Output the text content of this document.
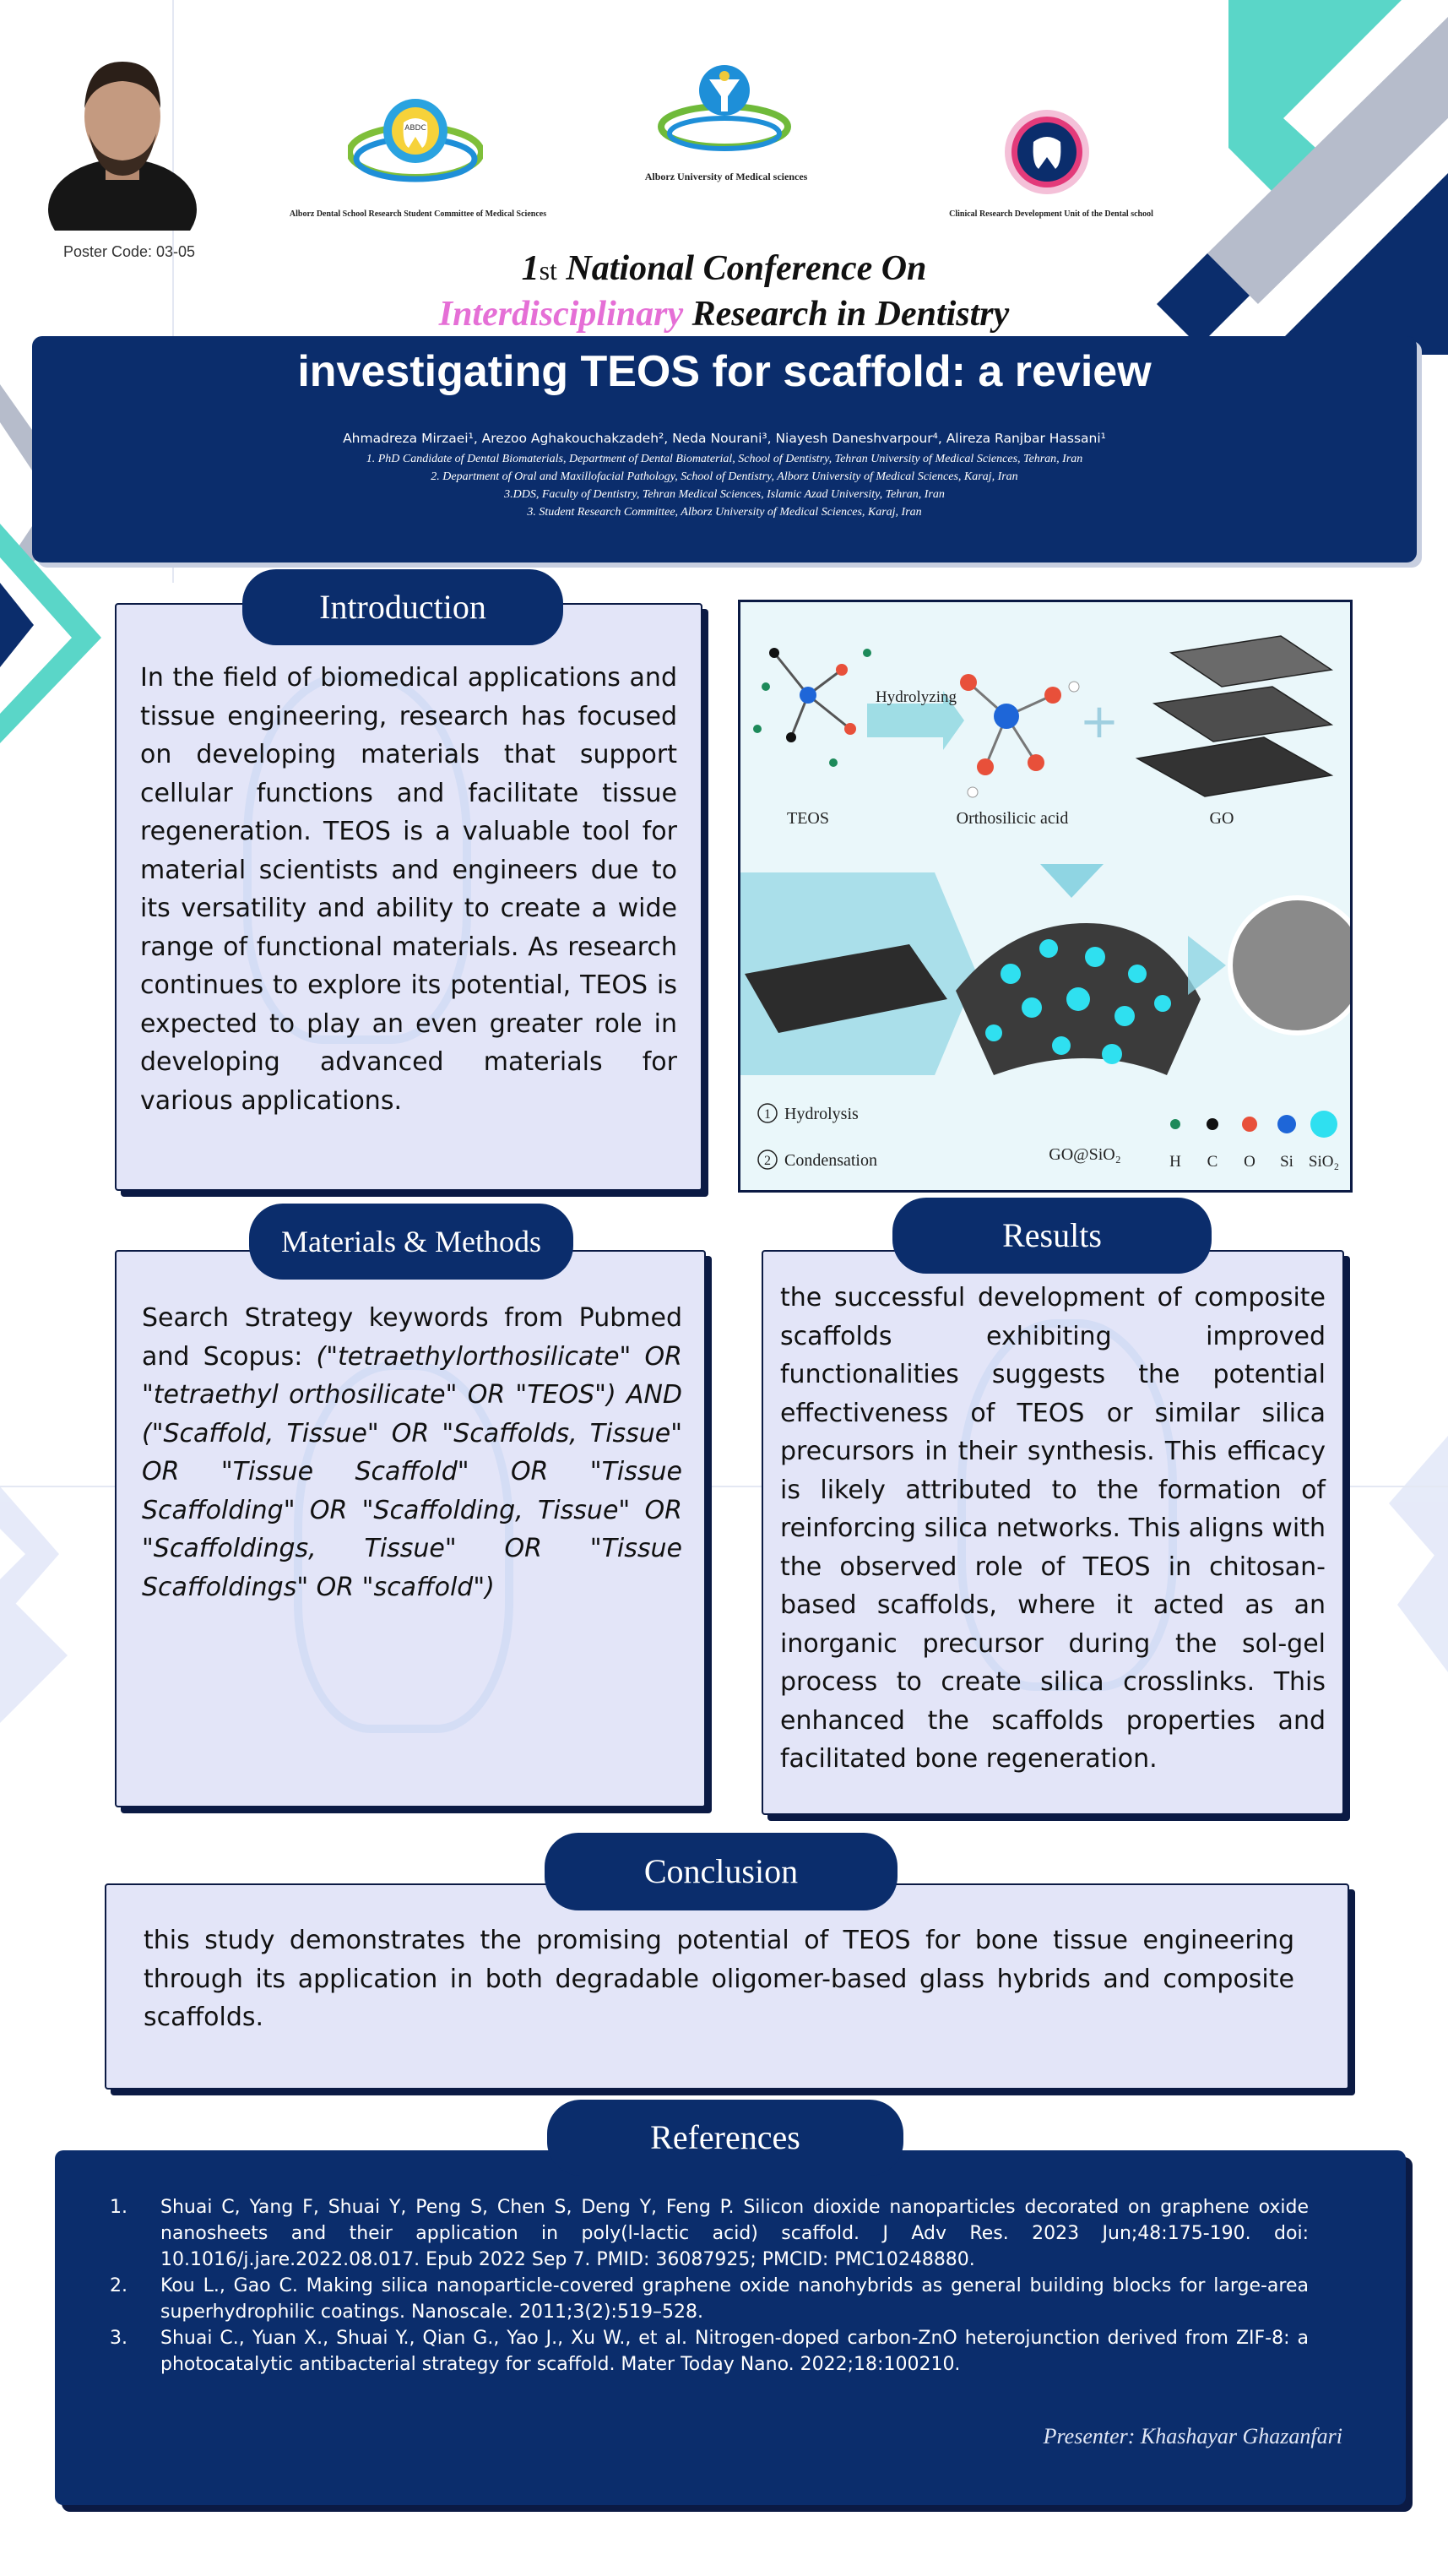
Poster Code: 03-05
ABDC
Alborz Dental School Research Student Committee of Medical Sciences
Alborz University of Medical sciences
Clinical Research Development Unit of the Dental school
1st National Conference On
Interdisciplinary Research in Dentistry
investigating TEOS for scaffold: a review
Ahmadreza Mirzaei¹, Arezoo Aghakouchakzadeh², Neda Nourani³, Niayesh Daneshvarpour⁴, Alireza Ranjbar Hassani¹
1. PhD Candidate of Dental Biomaterials, Department of Dental Biomaterial, School of Dentistry, Tehran University of Medical Sciences, Tehran, Iran
2. Department of Oral and Maxillofacial Pathology, School of Dentistry, Alborz University of Medical Sciences, Karaj, Iran
3.DDS, Faculty of Dentistry, Tehran Medical Sciences, Islamic Azad University, Tehran, Iran
3. Student Research Committee, Alborz University of Medical Sciences, Karaj, Iran
Introduction
In the field of biomedical applications and tissue engineering, research has focused on developing materials that support cellular functions and facilitate tissue regeneration. TEOS is a valuable tool for material scientists and engineers due to its versatility and ability to create a wide range of functional materials. As research continues to explore its potential, TEOS is expected to play an even greater role in developing advanced materials for various applications.
TEOS
Hydrolyzing
Orthosilicic acid
+
GO
1 Hydrolysis
2 Condensation	GO@SiO₂	H C O Si SiO₂
Materials & Methods
Search Strategy keywords from Pubmed and Scopus: ("tetraethylorthosilicate" OR "tetraethyl orthosilicate" OR "TEOS") AND ("Scaffold, Tissue" OR "Scaffolds, Tissue" OR "Tissue Scaffold" OR "Tissue Scaffolding" OR "Scaffolding, Tissue" OR "Scaffoldings, Tissue" OR "Tissue Scaffoldings" OR "scaffold")
Results
the successful development of composite scaffolds exhibiting improved functionalities suggests the potential effectiveness of TEOS or similar silica precursors in their synthesis. This efficacy is likely attributed to the formation of reinforcing silica networks. This aligns with the observed role of TEOS in chitosan-based scaffolds, where it acted as an inorganic precursor during the sol-gel process to create silica crosslinks. This enhanced the scaffolds properties and facilitated bone regeneration.
Conclusion
this study demonstrates the promising potential of TEOS for bone tissue engineering through its application in both degradable oligomer-based glass hybrids and composite scaffolds.
References
1.	Shuai C, Yang F, Shuai Y, Peng S, Chen S, Deng Y, Feng P. Silicon dioxide nanoparticles decorated on graphene oxide nanosheets and their application in poly(l-lactic acid) scaffold. J Adv Res. 2023 Jun;48:175-190. doi: 10.1016/j.jare.2022.08.017. Epub 2022 Sep 7. PMID: 36087925; PMCID: PMC10248880.
2.	Kou L., Gao C. Making silica nanoparticle-covered graphene oxide nanohybrids as general building blocks for large-area superhydrophilic coatings. Nanoscale. 2011;3(2):519–528.
3.	Shuai C., Yuan X., Shuai Y., Qian G., Yao J., Xu W., et al. Nitrogen-doped carbon-ZnO heterojunction derived from ZIF-8: a photocatalytic antibacterial strategy for scaffold. Mater Today Nano. 2022;18:100210.
Presenter: Khashayar Ghazanfari
